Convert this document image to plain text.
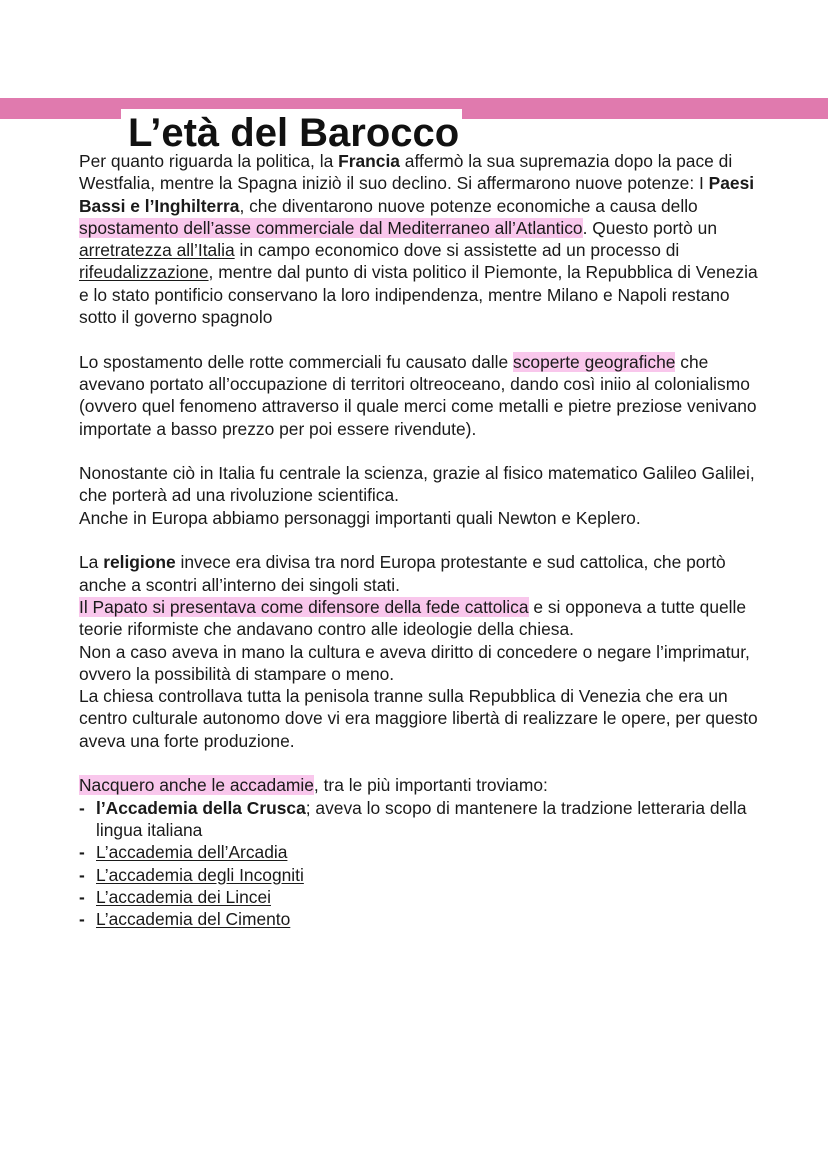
L’età del Barocco

Per quanto riguarda la politica, la Francia affermò la sua supremazia dopo la pace di Westfalia, mentre la Spagna iniziò il suo declino. Si affermarono nuove potenze: I Paesi Bassi e l’Inghilterra, che diventarono nuove potenze economiche a causa dello spostamento dell’asse commerciale dal Mediterraneo all’Atlantico. Questo portò un arretratezza all’Italia in campo economico dove si assistette ad un processo di rifeudalizzazione, mentre dal punto di vista politico il Piemonte, la Repubblica di Venezia e lo stato pontificio conservano la loro indipendenza, mentre Milano e Napoli restano sotto il governo spagnolo

Lo spostamento delle rotte commerciali fu causato dalle scoperte geografiche che avevano portato all’occupazione di territori oltreoceano, dando così iniio al colonialismo (ovvero quel fenomeno attraverso il quale merci come metalli e pietre preziose venivano importate a basso prezzo per poi essere rivendute).

Nonostante ciò in Italia fu centrale la scienza, grazie al fisico matematico Galileo Galilei, che porterà ad una rivoluzione scientifica.
Anche in Europa abbiamo personaggi importanti quali Newton e Keplero.

La religione invece era divisa tra nord Europa protestante e sud cattolica, che portò anche a scontri all’interno dei singoli stati.
Il Papato si presentava come difensore della fede cattolica e si opponeva a tutte quelle teorie riformiste che andavano contro alle ideologie della chiesa.
Non a caso aveva in mano la cultura e aveva diritto di concedere o negare l’imprimatur, ovvero la possibilità di stampare o meno.
La chiesa controllava tutta la penisola tranne sulla Repubblica di Venezia che era un centro culturale autonomo dove vi era maggiore libertà di realizzare le opere, per questo aveva una forte produzione.

Nacquero anche le accadamie, tra le più importanti troviamo:
- l’Accademia della Crusca; aveva lo scopo di mantenere la tradzione letteraria della lingua italiana
- L’accademia dell’Arcadia
- L’accademia degli Incogniti
- L’accademia dei Lincei
- L’accademia del Cimento
